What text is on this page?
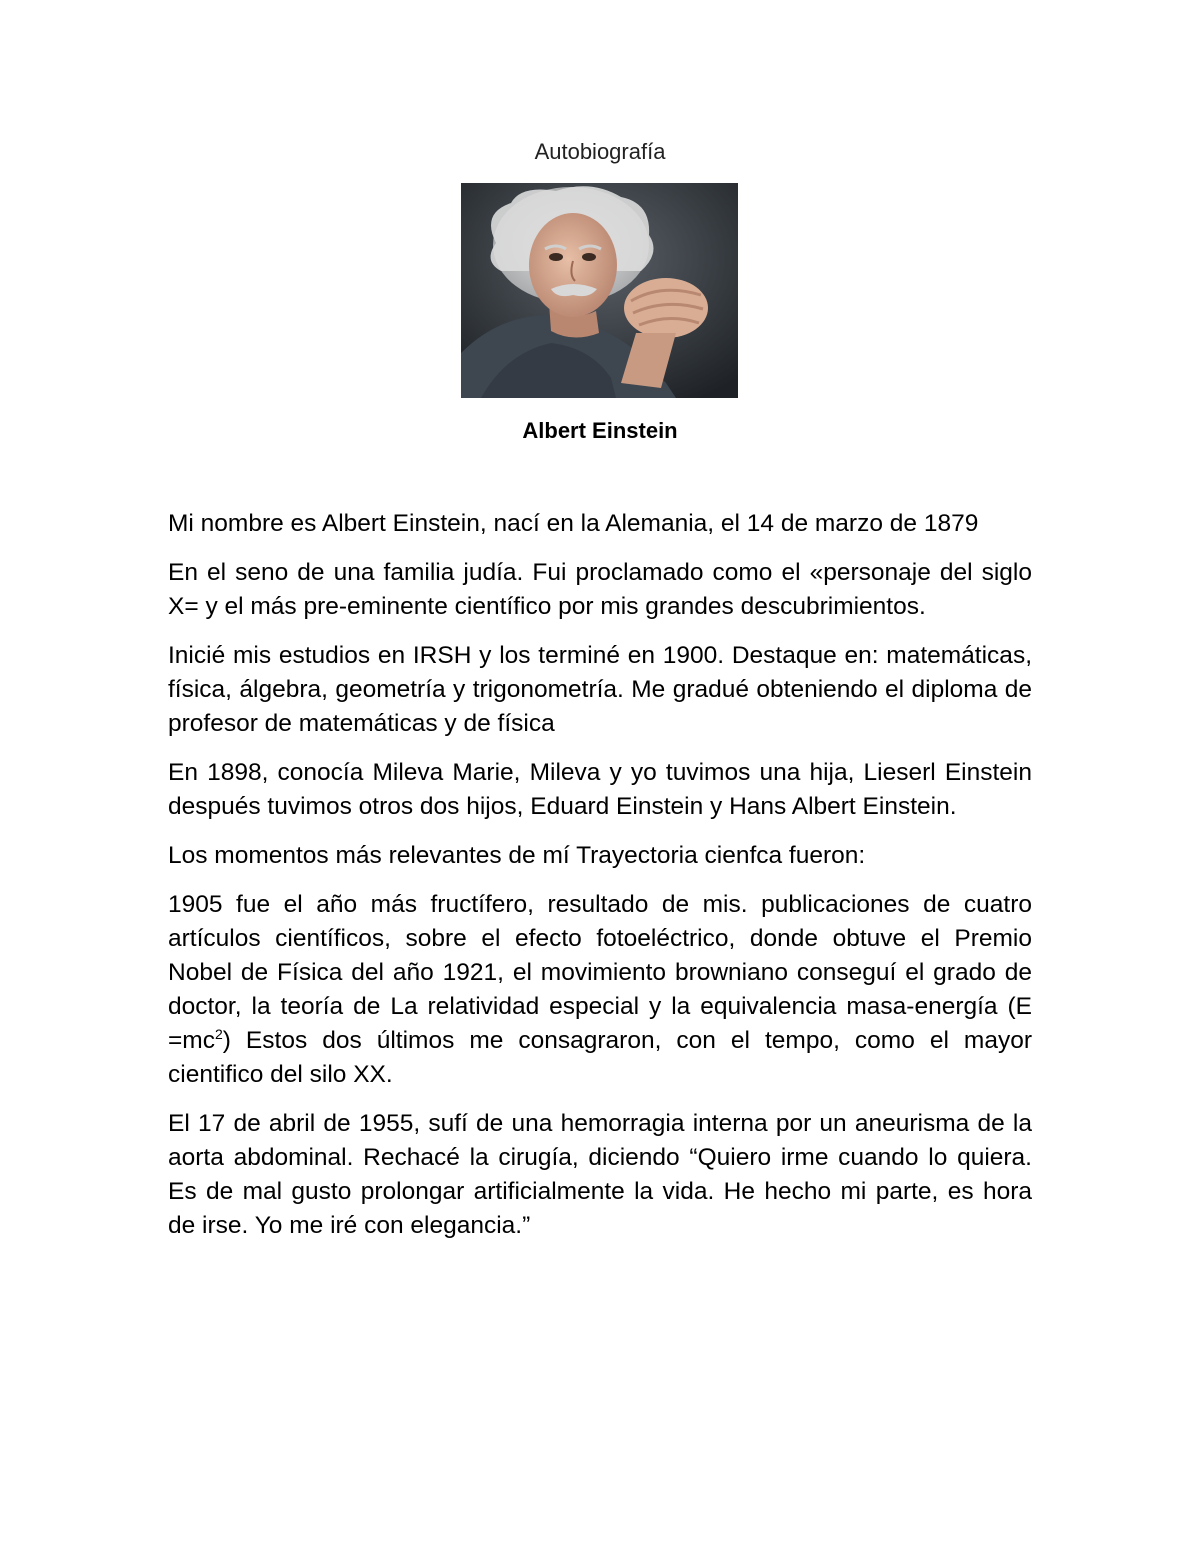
Autobiografía
Albert Einstein

Mi nombre es Albert Einstein, nací en la Alemania, el 14 de marzo de 1879

En el seno de una familia judía. Fui proclamado como el «personaje del siglo X= y el más pre-eminente científico por mis grandes descubrimientos.

Inicié mis estudios en IRSH y los terminé en 1900. Destaque en: matemáticas, física, álgebra, geometría y trigonometría. Me gradué obteniendo el diploma de profesor de matemáticas y de física

En 1898, conocía Mileva Marie, Mileva y yo tuvimos una hija, Lieserl Einstein después tuvimos otros dos hijos, Eduard Einstein y Hans Albert Einstein.

Los momentos más relevantes de mí Trayectoria cienfca fueron:

1905 fue el año más fructífero, resultado de mis. publicaciones de cuatro artículos científicos, sobre el efecto fotoeléctrico, donde obtuve el Premio Nobel de Física del año 1921, el movimiento browniano conseguí el grado de doctor, la teoría de La relatividad especial y la equivalencia masa-energía $(E =mc^2)$ Estos dos últimos me consagraron, con el tempo, como el mayor cientifico del silo XX.

El 17 de abril de 1955, sufí de una hemorragia interna por un aneurisma de la aorta abdominal. Rechacé la cirugía, diciendo “Quiero irme cuando lo quiera. Es de mal gusto prolongar artificialmente la vida. He hecho mi parte, es hora de irse. Yo me iré con elegancia.”
